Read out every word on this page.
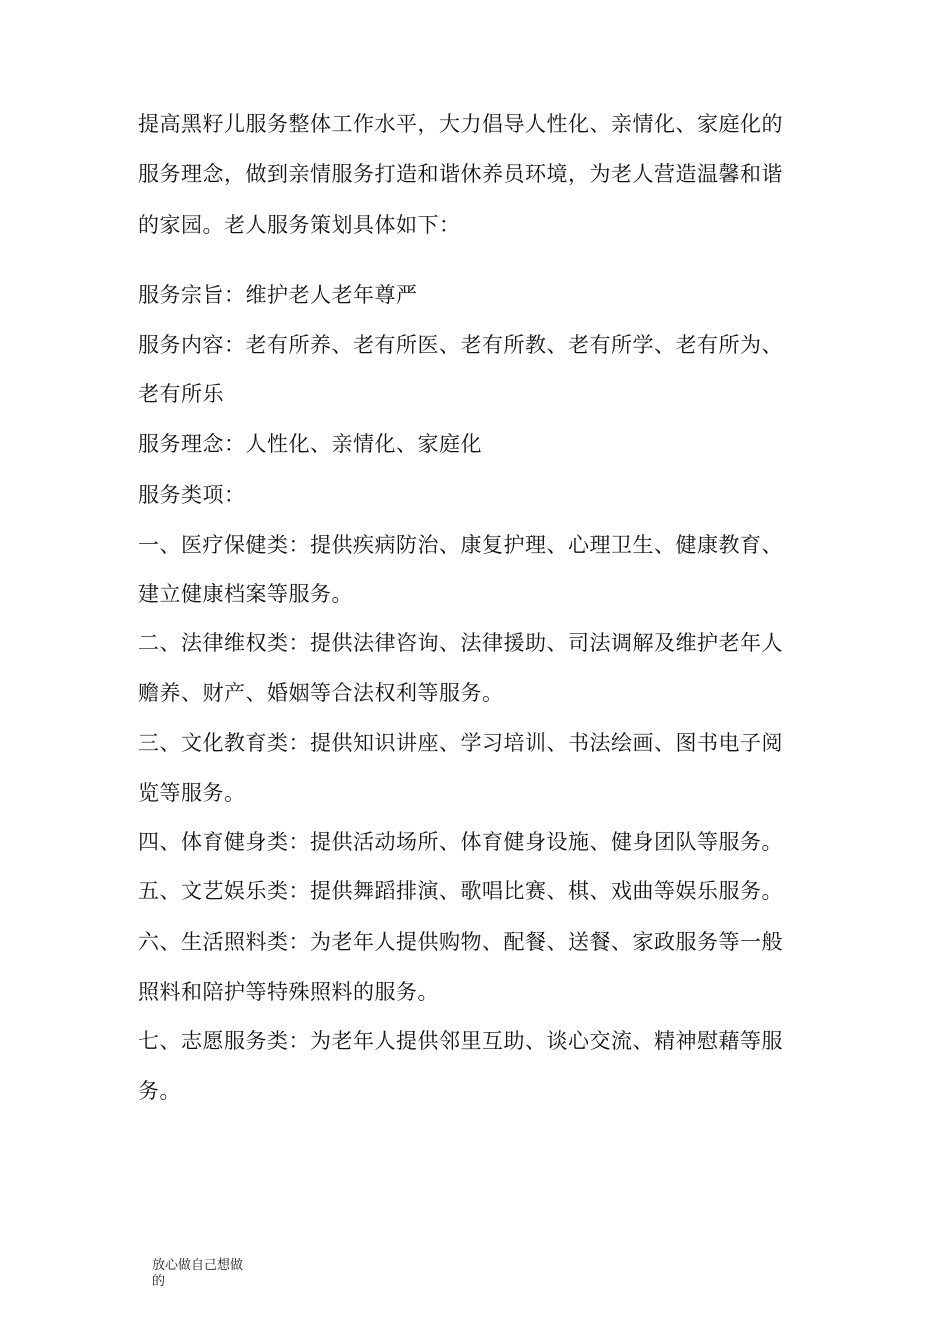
提高黑籽儿服务整体工作水平，大力倡导人性化、亲情化、家庭化的
服务理念，做到亲情服务打造和谐休养员环境，为老人营造温馨和谐
的家园。老人服务策划具体如下：
服务宗旨：维护老人老年尊严
服务内容：老有所养、老有所医、老有所教、老有所学、老有所为、
老有所乐
服务理念：人性化、亲情化、家庭化
服务类项：
一、医疗保健类：提供疾病防治、康复护理、心理卫生、健康教育、
建立健康档案等服务。
二、法律维权类：提供法律咨询、法律援助、司法调解及维护老年人
赡养、财产、婚姻等合法权利等服务。
三、文化教育类：提供知识讲座、学习培训、书法绘画、图书电子阅
览等服务。
四、体育健身类：提供活动场所、体育健身设施、健身团队等服务。
五、文艺娱乐类：提供舞蹈排演、歌唱比赛、棋、戏曲等娱乐服务。
六、生活照料类：为老年人提供购物、配餐、送餐、家政服务等一般
照料和陪护等特殊照料的服务。
七、志愿服务类：为老年人提供邻里互助、谈心交流、精神慰藉等服
务。
放心做自己想做
的
